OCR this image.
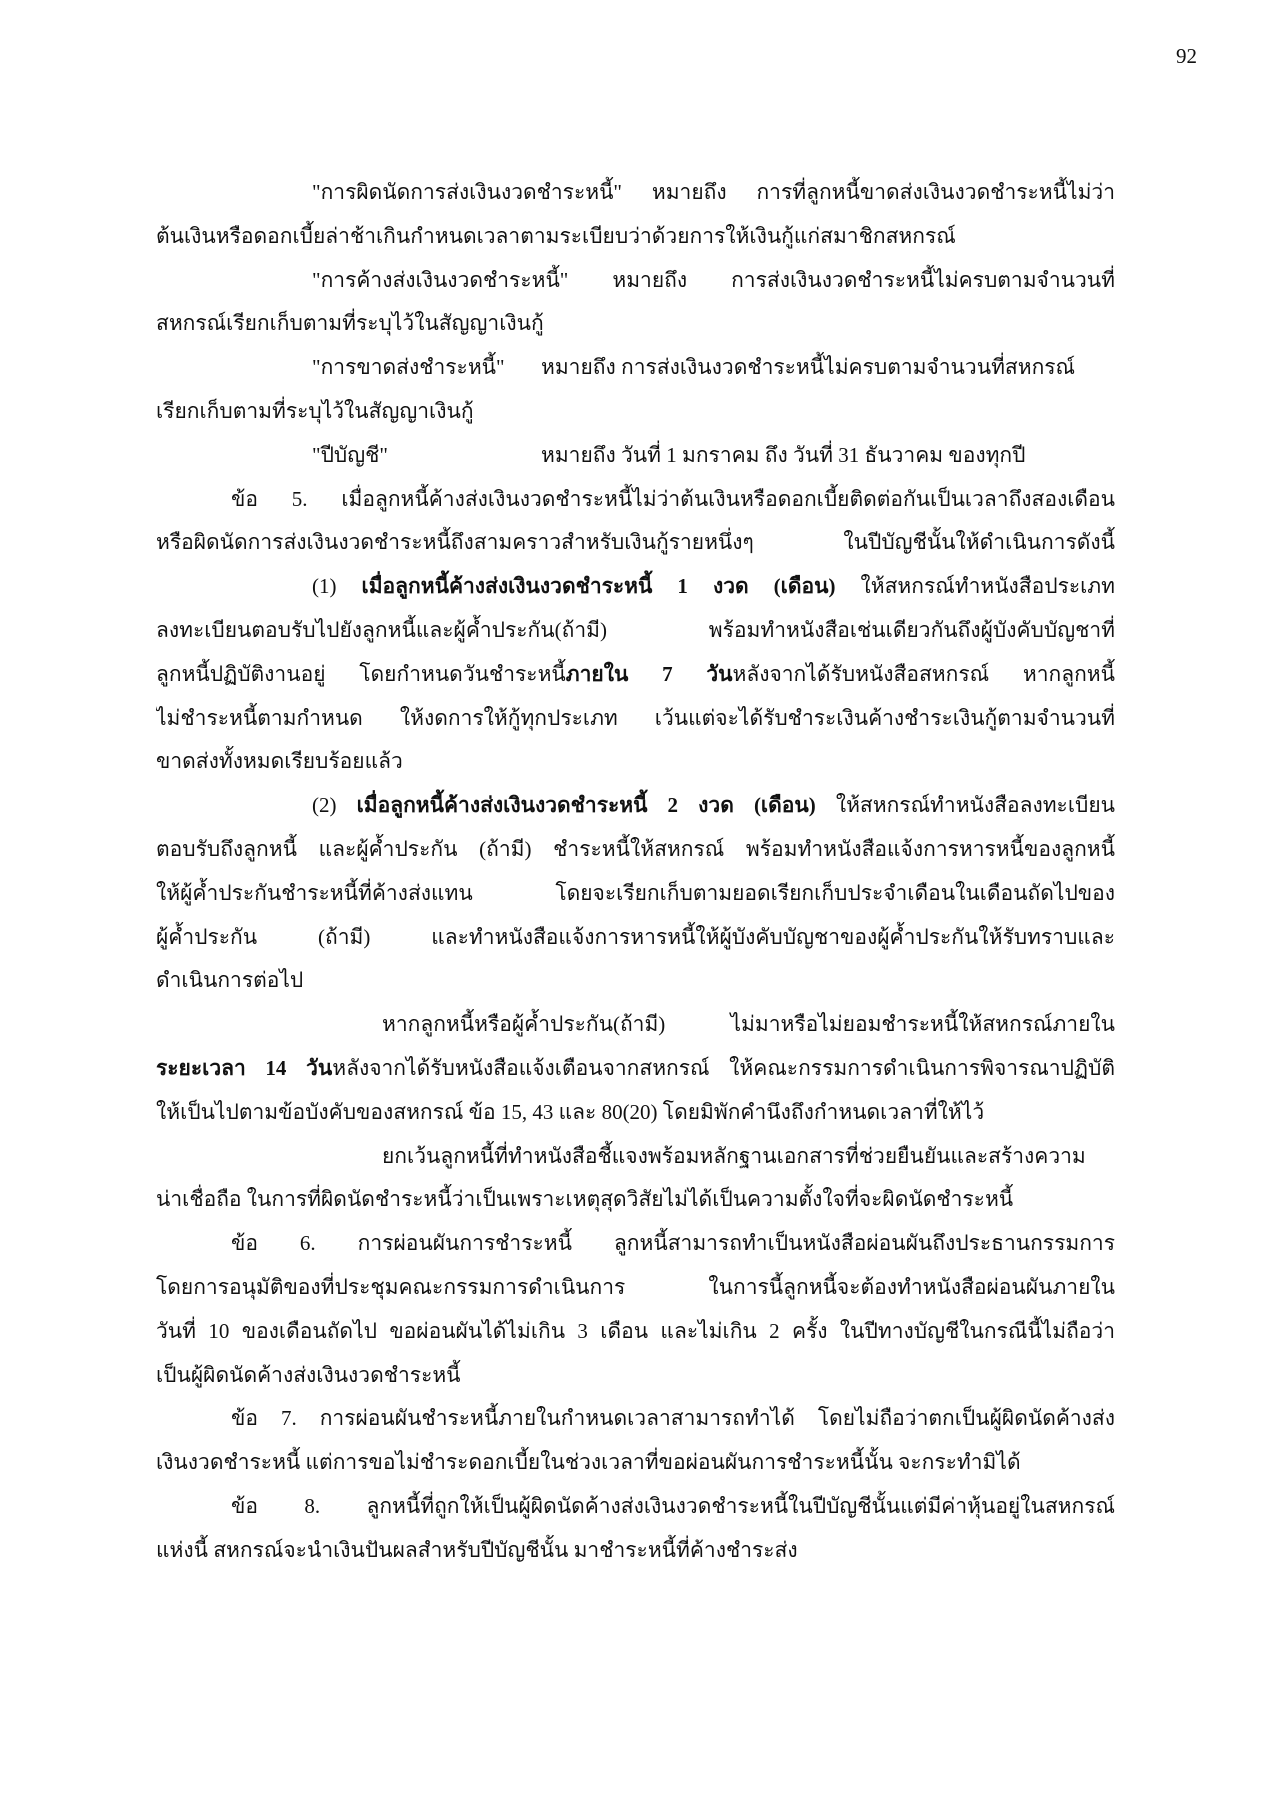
92
"การผิดนัดการส่งเงินงวดชำระหนี้" หมายถึง การที่ลูกหนี้ขาดส่งเงินงวดชำระหนี้ไม่ว่า
ต้นเงินหรือดอกเบี้ยล่าช้าเกินกำหนดเวลาตามระเบียบว่าด้วยการให้เงินกู้แก่สมาชิกสหกรณ์
"การค้างส่งเงินงวดชำระหนี้" หมายถึง การส่งเงินงวดชำระหนี้ไม่ครบตามจำนวนที่
สหกรณ์เรียกเก็บตามที่ระบุไว้ในสัญญาเงินกู้
"การขาดส่งชำระหนี้" หมายถึง การส่งเงินงวดชำระหนี้ไม่ครบตามจำนวนที่สหกรณ์
เรียกเก็บตามที่ระบุไว้ในสัญญาเงินกู้
"ปีบัญชี"	หมายถึง วันที่ 1 มกราคม ถึง วันที่ 31 ธันวาคม ของทุกปี
ข้อ 5. เมื่อลูกหนี้ค้างส่งเงินงวดชำระหนี้ไม่ว่าต้นเงินหรือดอกเบี้ยติดต่อกันเป็นเวลาถึงสองเดือน
หรือผิดนัดการส่งเงินงวดชำระหนี้ถึงสามคราวสำหรับเงินกู้รายหนึ่งๆ ในปีบัญชีนั้นให้ดำเนินการดังนี้
(1) เมื่อลูกหนี้ค้างส่งเงินงวดชำระหนี้ 1 งวด (เดือน) ให้สหกรณ์ทำหนังสือประเภท
ลงทะเบียนตอบรับไปยังลูกหนี้และผู้ค้ำประกัน(ถ้ามี) พร้อมทำหนังสือเช่นเดียวกันถึงผู้บังคับบัญชาที่
ลูกหนี้ปฏิบัติงานอยู่ โดยกำหนดวันชำระหนี้ภายใน 7 วันหลังจากได้รับหนังสือสหกรณ์ หากลูกหนี้
ไม่ชำระหนี้ตามกำหนด ให้งดการให้กู้ทุกประเภท เว้นแต่จะได้รับชำระเงินค้างชำระเงินกู้ตามจำนวนที่
ขาดส่งทั้งหมดเรียบร้อยแล้ว
(2) เมื่อลูกหนี้ค้างส่งเงินงวดชำระหนี้ 2 งวด (เดือน) ให้สหกรณ์ทำหนังสือลงทะเบียน
ตอบรับถึงลูกหนี้ และผู้ค้ำประกัน (ถ้ามี) ชำระหนี้ให้สหกรณ์ พร้อมทำหนังสือแจ้งการหารหนี้ของลูกหนี้
ให้ผู้ค้ำประกันชำระหนี้ที่ค้างส่งแทน โดยจะเรียกเก็บตามยอดเรียกเก็บประจำเดือนในเดือนถัดไปของ
ผู้ค้ำประกัน (ถ้ามี) และทำหนังสือแจ้งการหารหนี้ให้ผู้บังคับบัญชาของผู้ค้ำประกันให้รับทราบและ
ดำเนินการต่อไป
หากลูกหนี้หรือผู้ค้ำประกัน(ถ้ามี) ไม่มาหรือไม่ยอมชำระหนี้ให้สหกรณ์ภายใน
ระยะเวลา 14 วันหลังจากได้รับหนังสือแจ้งเตือนจากสหกรณ์ ให้คณะกรรมการดำเนินการพิจารณาปฏิบัติ
ให้เป็นไปตามข้อบังคับของสหกรณ์ ข้อ 15, 43 และ 80(20) โดยมิพักคำนึงถึงกำหนดเวลาที่ให้ไว้
ยกเว้นลูกหนี้ที่ทำหนังสือชี้แจงพร้อมหลักฐานเอกสารที่ช่วยยืนยันและสร้างความ
น่าเชื่อถือ ในการที่ผิดนัดชำระหนี้ว่าเป็นเพราะเหตุสุดวิสัยไม่ได้เป็นความตั้งใจที่จะผิดนัดชำระหนี้
ข้อ 6. การผ่อนผันการชำระหนี้ ลูกหนี้สามารถทำเป็นหนังสือผ่อนผันถึงประธานกรรมการ
โดยการอนุมัติของที่ประชุมคณะกรรมการดำเนินการ ในการนี้ลูกหนี้จะต้องทำหนังสือผ่อนผันภายใน
วันที่ 10 ของเดือนถัดไป ขอผ่อนผันได้ไม่เกิน 3 เดือน และไม่เกิน 2 ครั้ง ในปีทางบัญชีในกรณีนี้ไม่ถือว่า
เป็นผู้ผิดนัดค้างส่งเงินงวดชำระหนี้
ข้อ 7. การผ่อนผันชำระหนี้ภายในกำหนดเวลาสามารถทำได้ โดยไม่ถือว่าตกเป็นผู้ผิดนัดค้างส่ง
เงินงวดชำระหนี้ แต่การขอไม่ชำระดอกเบี้ยในช่วงเวลาที่ขอผ่อนผันการชำระหนี้นั้น จะกระทำมิได้
ข้อ 8. ลูกหนี้ที่ถูกให้เป็นผู้ผิดนัดค้างส่งเงินงวดชำระหนี้ในปีบัญชีนั้นแต่มีค่าหุ้นอยู่ในสหกรณ์
แห่งนี้ สหกรณ์จะนำเงินปันผลสำหรับปีบัญชีนั้น มาชำระหนี้ที่ค้างชำระส่ง
